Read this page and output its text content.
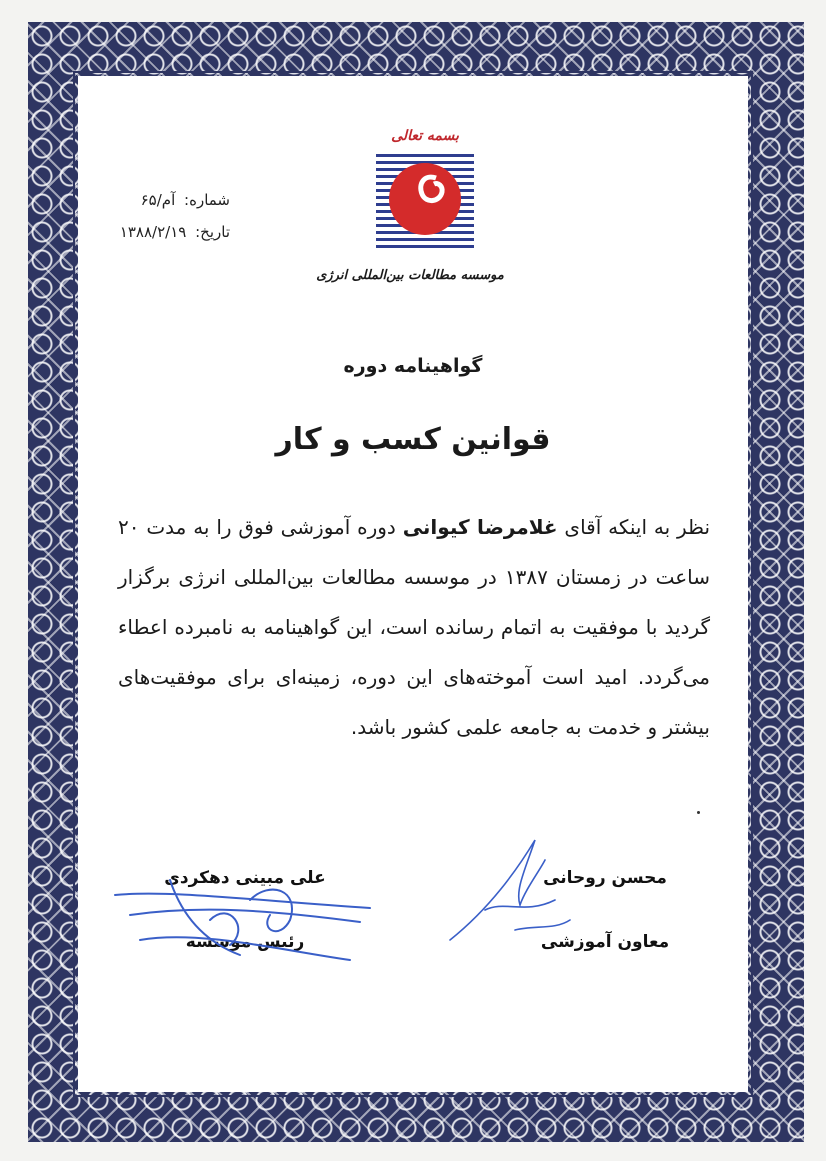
بسمه تعالی
موسسه مطالعات بین‌المللی انرژی
شماره: آم/۶۵
تاریخ: ۱۳۸۸/۲/۱۹
گواهینامه دوره
قوانین کسب و کار
نظر به اینکه آقای غلامرضا کیوانی دوره آموزشی فوق را به مدت ۲۰ ساعت در زمستان ۱۳۸۷ در موسسه مطالعات بین‌المللی انرژی برگزار گردید با موفقیت به اتمام رسانده است، این گواهینامه به نامبرده اعطاء می‌گردد. امید است آموخته‌های این دوره، زمینه‌ای برای موفقیت‌های بیشتر و خدمت به جامعه علمی کشور باشد.
علی مبینی دهکردی
رئیس موسسه
محسن روحانی
معاون آموزشی
